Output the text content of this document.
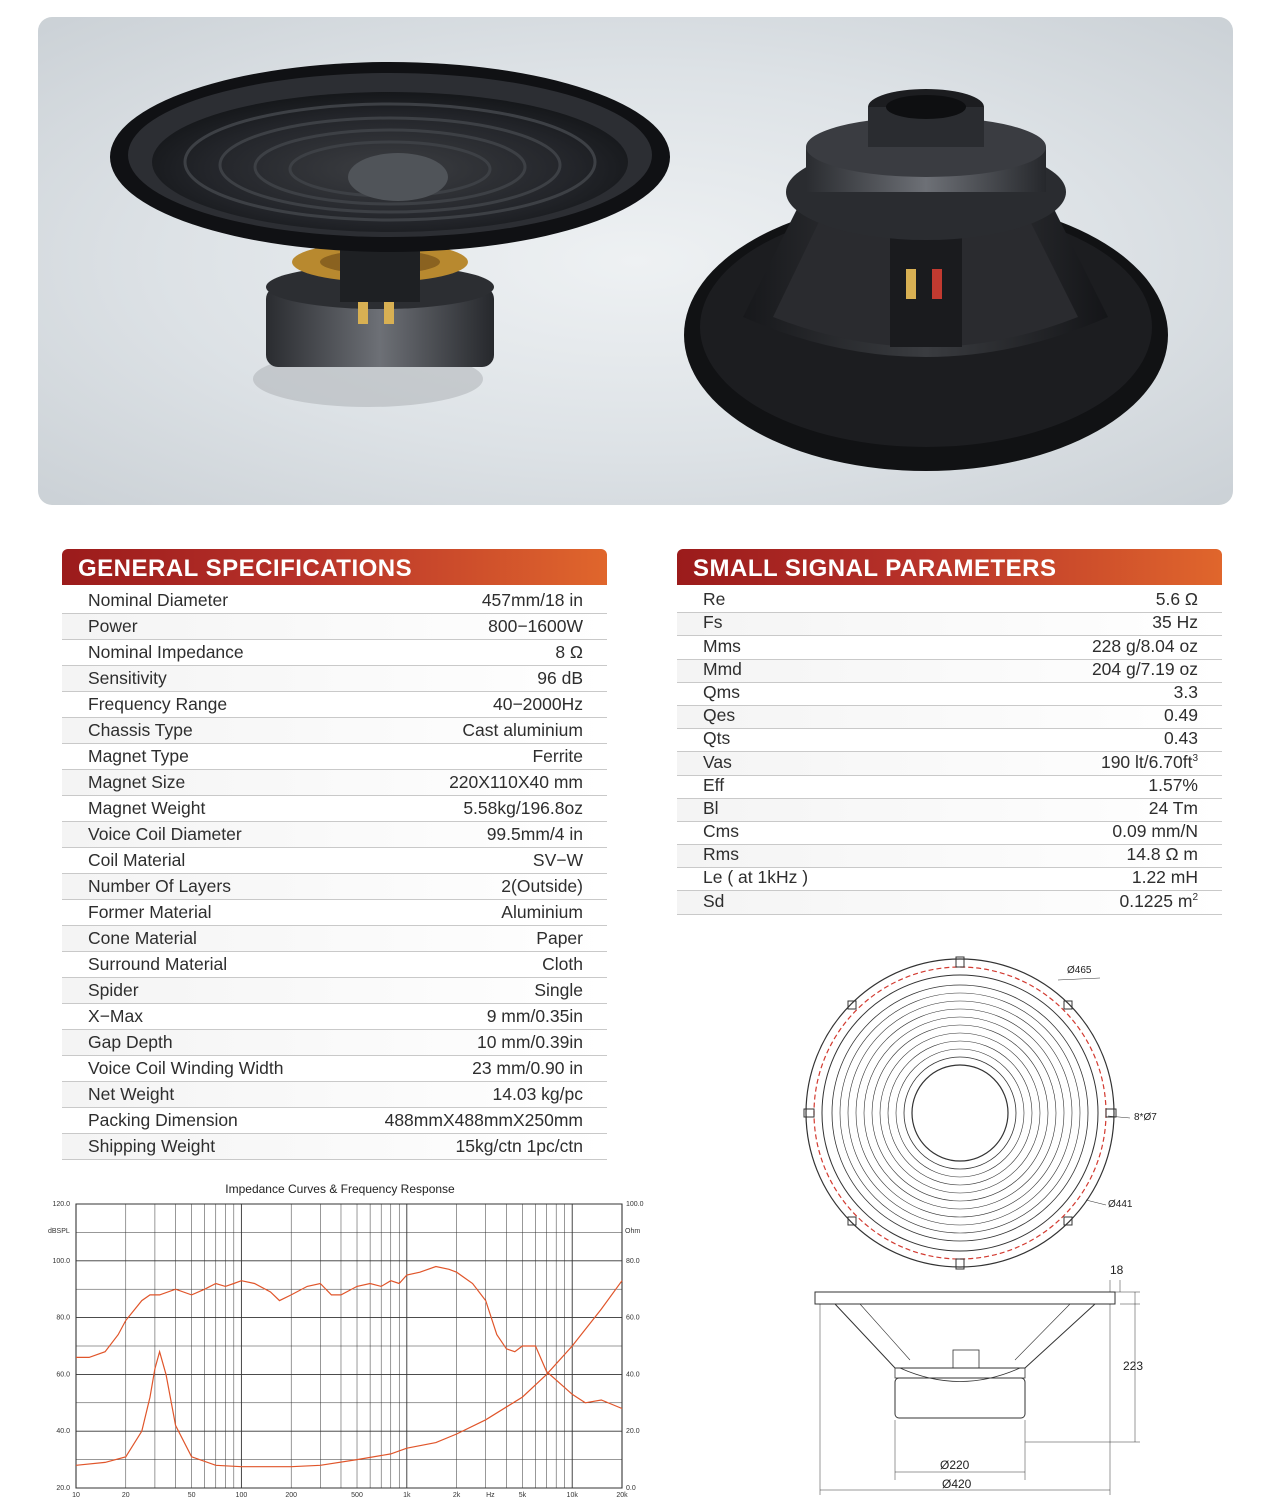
GENERAL SPECIFICATIONS
Nominal Diameter	457mm/18 in
Power	800−1600W
Nominal Impedance	8 Ω
Sensitivity	96 dB
Frequency Range	40−2000Hz
Chassis Type	Cast aluminium
Magnet Type	Ferrite
Magnet Size	220X110X40 mm
Magnet Weight	5.58kg/196.8oz
Voice Coil Diameter	99.5mm/4 in
Coil Material	SV−W
Number Of Layers	2(Outside)
Former Material	Aluminium
Cone Material	Paper
Surround Material	Cloth
Spider	Single
X−Max	9 mm/0.35in
Gap Depth	10 mm/0.39in
Voice Coil Winding Width	23 mm/0.90 in
Net Weight	14.03 kg/pc
Packing Dimension	488mmX488mmX250mm
Shipping Weight	15kg/ctn 1pc/ctn
SMALL SIGNAL PARAMETERS
Re	5.6 Ω
Fs	35 Hz
Mms	228 g/8.04 oz
Mmd	204 g/7.19 oz
Qms	3.3
Qes	0.49
Qts	0.43
Vas	190 $lt/6.70ft^3$
Eff	1.57%
Bl	24 Tm
Cms	0.09 mm/N
Rms	14.8 Ω m
Le ( at 1kHz )	1.22 mH
Sd	0.1225 $m^2$
Impedance Curves & Frequency Response
dBSPL	Ohm
10	20	50	100	200	500	1k	2k	5k	10k	20k
Hz
20.0
40.0
60.0
80.0
100.0
120.0
0.0
20.0
40.0
60.0
80.0
100.0
Ø465
8*Ø7
Ø441
18
223
Ø220
Ø420
